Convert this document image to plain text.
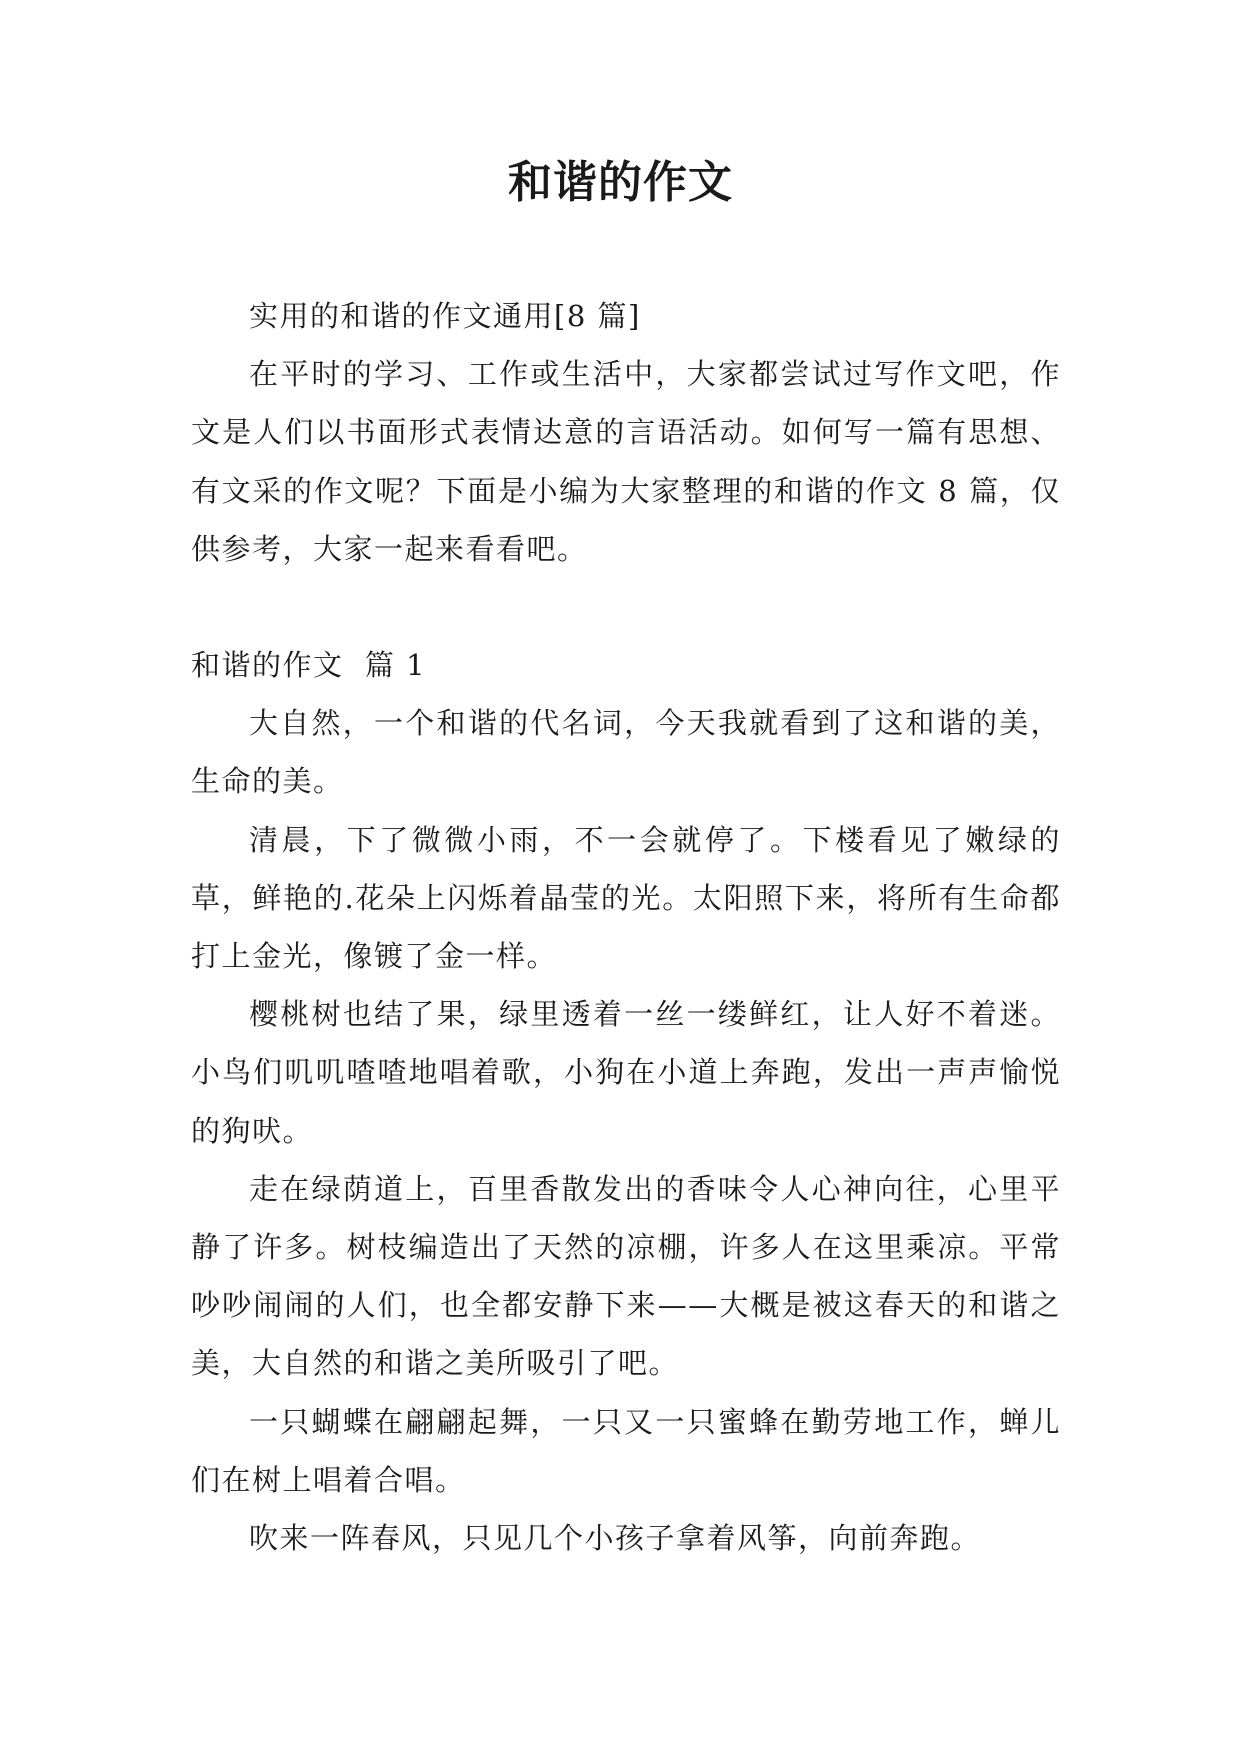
和谐的作文

实用的和谐的作文通用[8 篇]

在平时的学习、工作或生活中，大家都尝试过写作文吧，作文是人们以书面形式表情达意的言语活动。如何写一篇有思想、有文采的作文呢？下面是小编为大家整理的和谐的作文 8 篇，仅供参考，大家一起来看看吧。

和谐的作文  篇 1

大自然，一个和谐的代名词，今天我就看到了这和谐的美，生命的美。

清晨，下了微微小雨，不一会就停了。下楼看见了嫩绿的草，鲜艳的.花朵上闪烁着晶莹的光。太阳照下来，将所有生命都打上金光，像镀了金一样。

樱桃树也结了果，绿里透着一丝一缕鲜红，让人好不着迷。小鸟们叽叽喳喳地唱着歌，小狗在小道上奔跑，发出一声声愉悦的狗吠。

走在绿荫道上，百里香散发出的香味令人心神向往，心里平静了许多。树枝编造出了天然的凉棚，许多人在这里乘凉。平常吵吵闹闹的人们，也全都安静下来——大概是被这春天的和谐之美，大自然的和谐之美所吸引了吧。

一只蝴蝶在翩翩起舞，一只又一只蜜蜂在勤劳地工作，蝉儿们在树上唱着合唱。

吹来一阵春风，只见几个小孩子拿着风筝，向前奔跑。
